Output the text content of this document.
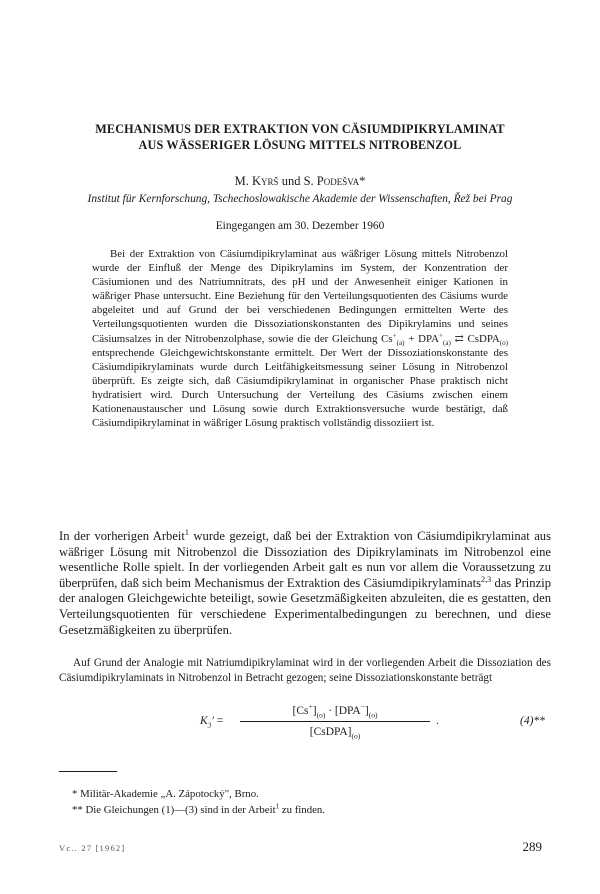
MECHANISMUS DER EXTRAKTION VON CÄSIUMDIPIKRYLAMINAT
AUS WÄSSERIGER LÖSUNG MITTELS NITROBENZOL
M. Kyrš und S. Podešva*
Institut für Kernforschung, Tschechoslowakische Akademie der Wissenschaften, Řež bei Prag
Eingegangen am 30. Dezember 1960
Bei der Extraktion von Cäsiumdipikrylaminat aus wäßriger Lösung mittels Nitrobenzol wurde der Einfluß der Menge des Dipikrylamins im System, der Konzentration der Cäsiumionen und des Natriumnitrats, des pH und der Anwesenheit einiger Kationen in wäßriger Phase untersucht. Eine Beziehung für den Verteilungsquotienten des Cäsiums wurde abgeleitet und auf Grund der bei verschiedenen Bedingungen ermittelten Werte des Verteilungsquotienten wurden die Dissoziationskonstanten des Dipikrylamins und seines Cäsiumsalzes in der Nitrobenzolphase, sowie die der Gleichung $Cs^+_{(a)} + DPA^+_{(a)}$ ⇄ CsDPA$_{(o)}$ entsprechende Gleichgewichtskonstante ermittelt. Der Wert der Dissoziationskonstante des Cäsiumdipikrylaminats wurde durch Leitfähigkeitsmessung seiner Lösung in Nitrobenzol überprüft. Es zeigte sich, daß Cäsiumdipikrylaminat in organischer Phase praktisch nicht hydratisiert wird. Durch Untersuchung der Verteilung des Cäsiums zwischen einem Kationenaustauscher und Lösung sowie durch Extraktionsversuche wurde bestätigt, daß Cäsiumdipikrylaminat in wäßriger Lösung praktisch vollständig dissoziiert ist.
In der vorherigen Arbeit$^1$ wurde gezeigt, daß bei der Extraktion von Cäsiumdipikrylaminat aus wäßriger Lösung mit Nitrobenzol die Dissoziation des Dipikrylaminats im Nitrobenzol eine wesentliche Rolle spielt. In der vorliegenden Arbeit galt es nun vor allem die Voraussetzung zu überprüfen, daß sich beim Mechanismus der Extraktion des Cäsiumdipikrylaminats$^{2,3}$ das Prinzip der analogen Gleichgewichte beteiligt, sowie Gesetzmäßigkeiten abzuleiten, die es gestatten, den Verteilungsquotienten für verschiedene Experimentalbedingungen zu berechnen, und diese Gesetzmäßigkeiten zu überprüfen.
Auf Grund der Analogie mit Natriumdipikrylaminat wird in der vorliegenden Arbeit die Dissoziation des Cäsiumdipikrylaminats in Nitrobenzol in Betracht gezogen; seine Dissoziationskonstante beträgt
$K_3'$ =
$[Cs^+]_{(o)} \cdot [DPA^-]_{(o)}$
$[CsDPA]_{(o)}$
.	(4)**
* Militär-Akademie „A. Zápotocký", Brno.
** Die Gleichungen (1)—(3) sind in der Arbeit$^1$ zu finden.
Vc.. 27 [1962]	289
